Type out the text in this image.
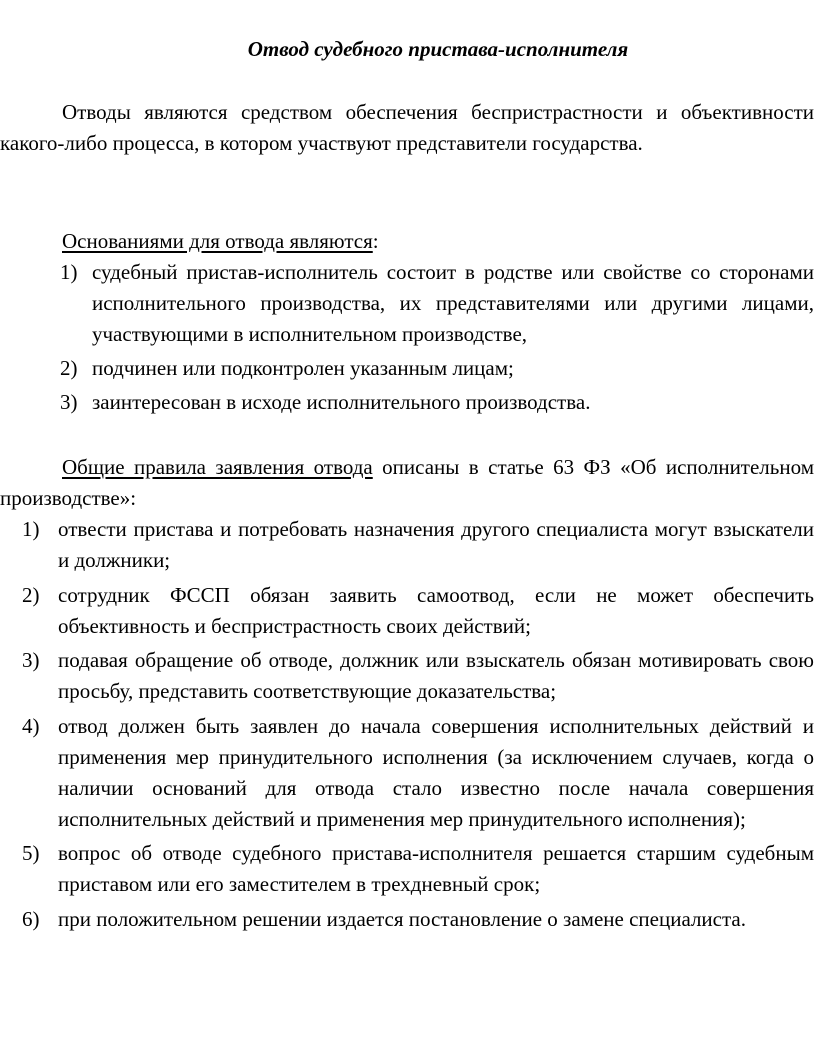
Отвод судебного пристава-исполнителя

Отводы являются средством обеспечения беспристрастности и объективности какого-либо процесса, в котором участвуют представители государства.

Основаниями для отвода являются:
1) судебный пристав-исполнитель состоит в родстве или свойстве со сторонами исполнительного производства, их представителями или другими лицами, участвующими в исполнительном производстве,
2) подчинен или подконтролен указанным лицам;
3) заинтересован в исходе исполнительного производства.

Общие правила заявления отвода описаны в статье 63 ФЗ «Об исполнительном производстве»:

1) отвести пристава и потребовать назначения другого специалиста могут взыскатели и должники;
2) сотрудник ФССП обязан заявить самоотвод, если не может обеспечить объективность и беспристрастность своих действий;
3) подавая обращение об отводе, должник или взыскатель обязан мотивировать свою просьбу, представить соответствующие доказательства;
4) отвод должен быть заявлен до начала совершения исполнительных действий и применения мер принудительного исполнения (за исключением случаев, когда о наличии оснований для отвода стало известно после начала совершения исполнительных действий и применения мер принудительного исполнения);
5) вопрос об отводе судебного пристава-исполнителя решается старшим судебным приставом или его заместителем в трехдневный срок;
6) при положительном решении издается постановление о замене специалиста.
